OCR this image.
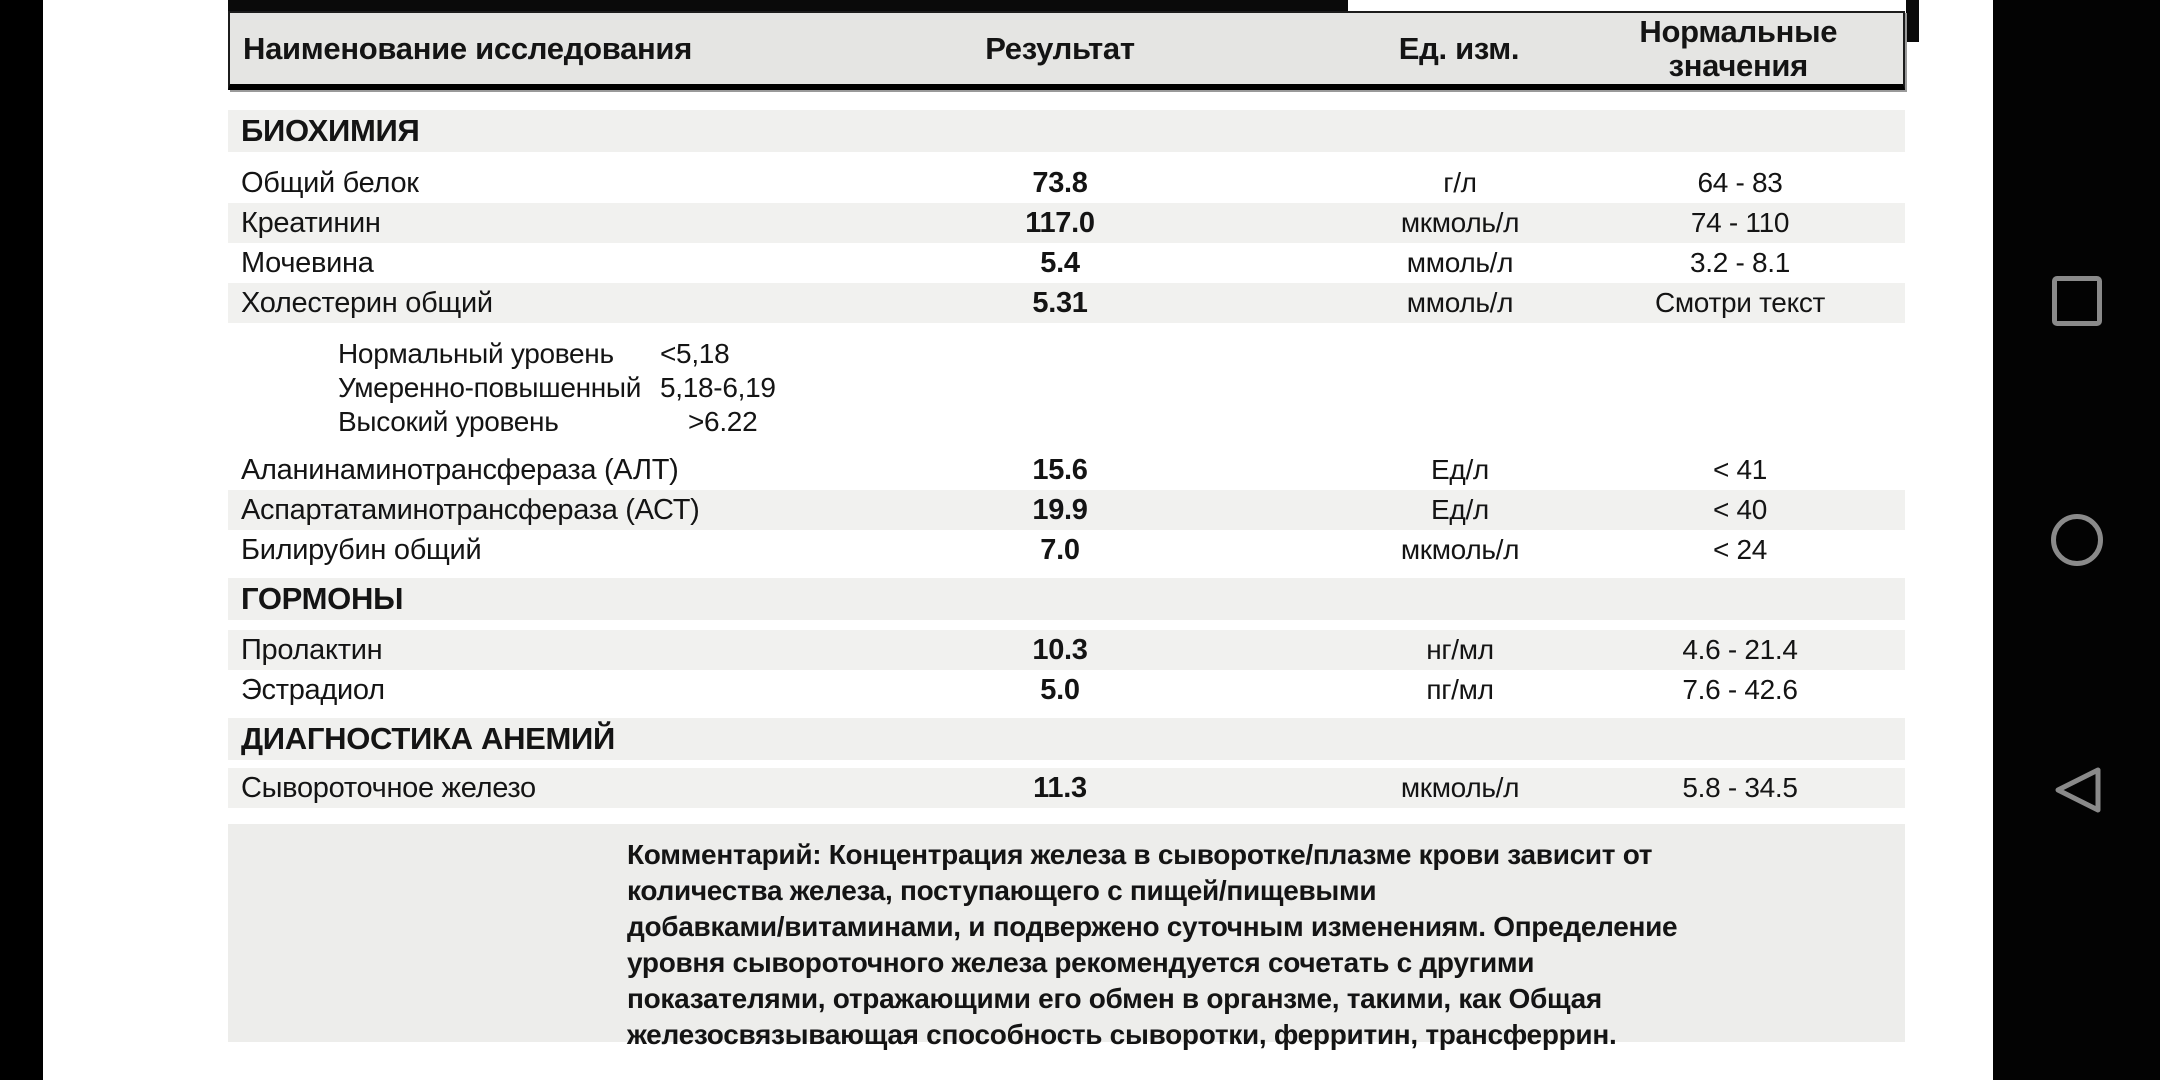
Наименование исследования	Результат	Ед. изм.	Нормальные значения
БИОХИМИЯ
Общий белок	73.8	г/л	64 - 83
Креатинин	117.0	мкмоль/л	74 - 110
Мочевина	5.4	ммоль/л	3.2 - 8.1
Холестерин общий	5.31	ммоль/л	Смотри текст
Нормальный уровень	<5,18
Умеренно-повышенный 5,18-6,19
Высокий уровень	>6.22
Аланинаминотрансфераза (АЛТ)	15.6	Ед/л	< 41
Аспартатаминотрансфераза (АСТ)	19.9	Ед/л	< 40
Билирубин общий	7.0	мкмоль/л	< 24
ГОРМОНЫ
Пролактин	10.3	нг/мл	4.6 - 21.4
Эстрадиол	5.0	пг/мл	7.6 - 42.6
ДИАГНОСТИКА АНЕМИЙ
Сывороточное железо	11.3	мкмоль/л	5.8 - 34.5
Комментарий: Концентрация железа в сыворотке/плазме крови зависит от
количества железа, поступающего с пищей/пищевыми
добавками/витаминами, и подвержено суточным изменениям. Определение
уровня сывороточного железа рекомендуется сочетать с другими
показателями, отражающими его обмен в органзме, такими, как Общая
железосвязывающая способность сыворотки, ферритин, трансферрин.
